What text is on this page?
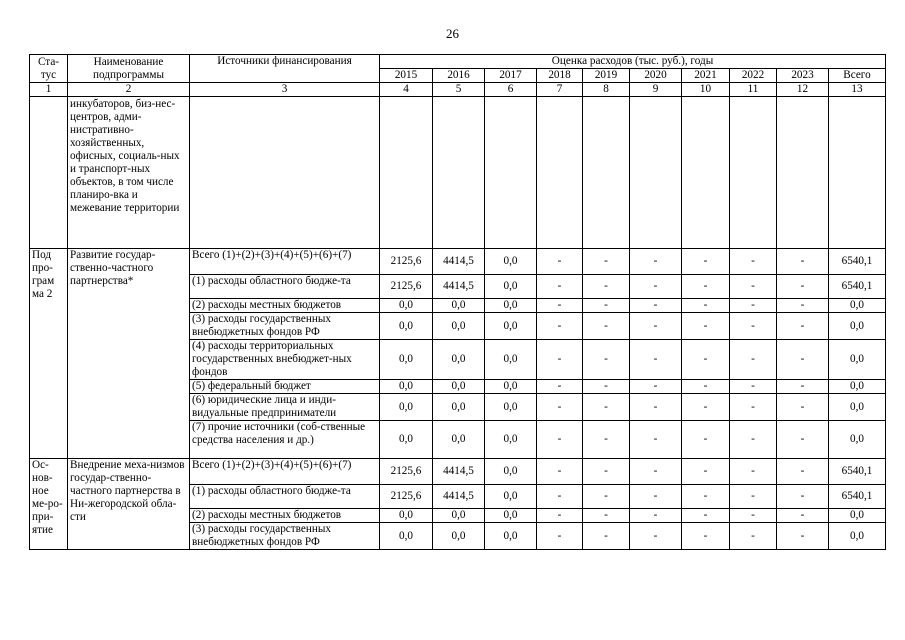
26
Ста-тус	Наименование подпрограммы	Источники финансирования	Оценка расходов (тыс. руб.), годы									
			2015	2016	2017	2018	2019	2020	2021	2022	2023	Всего
1	2	3	4	5	6	7	8	9	10	11	12	13
	инкубаторов, биз-нес-центров, адми-нистративно-хозяйственных, офисных, социаль-ных и транспорт-ных объектов, в том числе планиро-вка и межевание территории											
Под про-грам ма 2	Развитие государ-ственно-частного партнерства*	Всего (1)+(2)+(3)+(4)+(5)+(6)+(7)	2125,6	4414,5	0,0	-	-	-	-	-	-	6540,1
		(1) расходы областного бюдже-та	2125,6	4414,5	0,0	-	-	-	-	-	-	6540,1
		(2) расходы местных бюджетов	0,0	0,0	0,0	-	-	-	-	-	-	0,0
		(3) расходы государственных внебюджетных фондов РФ	0,0	0,0	0,0	-	-	-	-	-	-	0,0
		(4) расходы территориальных государственных внебюджет-ных фондов	0,0	0,0	0,0	-	-	-	-	-	-	0,0
		(5) федеральный бюджет	0,0	0,0	0,0	-	-	-	-	-	-	0,0
		(6) юридические лица и инди-видуальные предприниматели	0,0	0,0	0,0	-	-	-	-	-	-	0,0
		(7) прочие источники (соб-ственные средства населения и др.)	0,0	0,0	0,0	-	-	-	-	-	-	0,0
Ос-нов-ное ме-ро-при-ятие	Внедрение меха-низмов государ-ственно-частного партнерства в Ни-жегородской обла-сти	Всего (1)+(2)+(3)+(4)+(5)+(6)+(7)	2125,6	4414,5	0,0	-	-	-	-	-	-	6540,1
		(1) расходы областного бюдже-та	2125,6	4414,5	0,0	-	-	-	-	-	-	6540,1
		(2) расходы местных бюджетов	0,0	0,0	0,0	-	-	-	-	-	-	0,0
		(3) расходы государственных внебюджетных фондов РФ	0,0	0,0	0,0	-	-	-	-	-	-	0,0
